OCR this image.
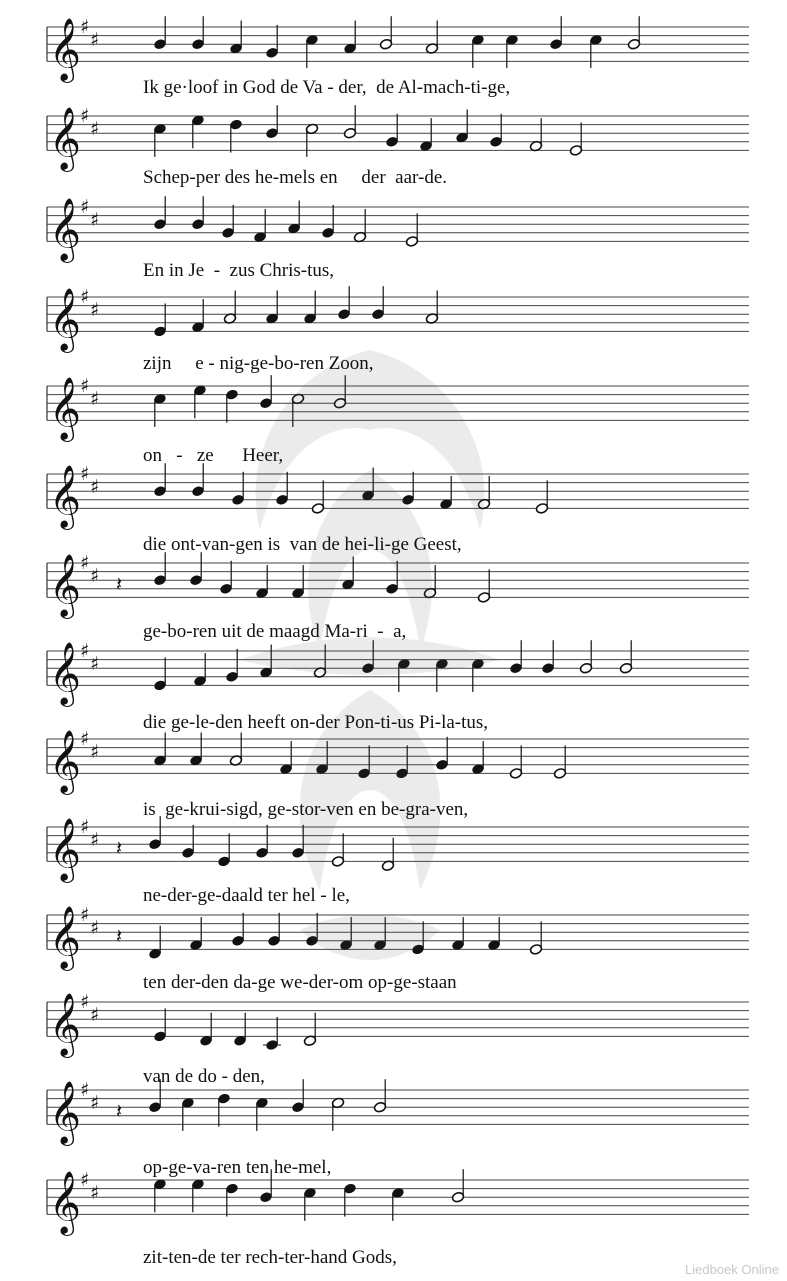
𝄞 ♯
♯
𝄞 ♯
♯
𝄞 ♯
♯
𝄞 ♯
♯
𝄞 ♯
♯
𝄞 ♯
♯
𝄞 ♯
♯ 𝄽
𝄞 ♯
♯
𝄞 ♯
♯
𝄞 ♯
♯ 𝄽
𝄞 ♯
♯ 𝄽
𝄞 ♯
♯
𝄞 ♯
♯ 𝄽
𝄞 ♯
♯
Ik ge·loof in God de Va - der,  de Al-mach-ti-ge,
Schep-per des he-mels en     der  aar-de.
En in Je  -  zus Chris-tus,
zijn     e - nig-ge-bo-ren Zoon,
on   -   ze      Heer,
die ont-van-gen is  van de hei-li-ge Geest,
ge-bo-ren uit de maagd Ma-ri  -  a,
die ge-le-den heeft on-der Pon-ti-us Pi-la-tus,
is  ge-krui-sigd, ge-stor-ven en be-gra-ven,
ne-der-ge-daald ter hel - le,
ten der-den da-ge we-der-om op-ge-staan
van de do - den,
op-ge-va-ren ten he-mel,
zit-ten-de ter rech-ter-hand Gods,
Liedboek Online
